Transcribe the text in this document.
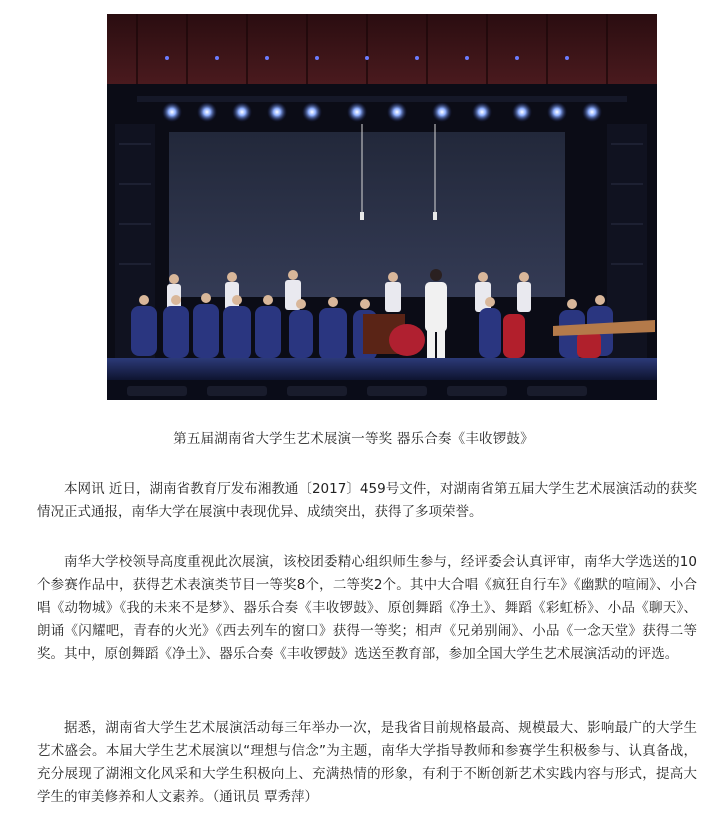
第五届湖南省大学生艺术展演一等奖 器乐合奏《丰收锣鼓》

本网讯 近日，湖南省教育厅发布湘教通〔2017〕459号文件，对湖南省第五届大学生艺术展演活动的获奖情况正式通报，南华大学在展演中表现优异、成绩突出，获得了多项荣誉。

南华大学校领导高度重视此次展演，该校团委精心组织师生参与，经评委会认真评审，南华大学选送的10个参赛作品中，获得艺术表演类节目一等奖8个，二等奖2个。其中大合唱《疯狂自行车》《幽默的喧闹》、小合唱《动物城》《我的未来不是梦》、器乐合奏《丰收锣鼓》、原创舞蹈《净土》、舞蹈《彩虹桥》、小品《聊天》、朗诵《闪耀吧，青春的火光》《西去列车的窗口》获得一等奖；相声《兄弟别闹》、小品《一念天堂》获得二等奖。其中，原创舞蹈《净土》、器乐合奏《丰收锣鼓》选送至教育部，参加全国大学生艺术展演活动的评选。

据悉，湖南省大学生艺术展演活动每三年举办一次，是我省目前规格最高、规模最大、影响最广的大学生艺术盛会。本届大学生艺术展演以“理想与信念”为主题，南华大学指导教师和参赛学生积极参与、认真备战，充分展现了湖湘文化风采和大学生积极向上、充满热情的形象，有利于不断创新艺术实践内容与形式，提高大学生的审美修养和人文素养。（通讯员 覃秀萍）
